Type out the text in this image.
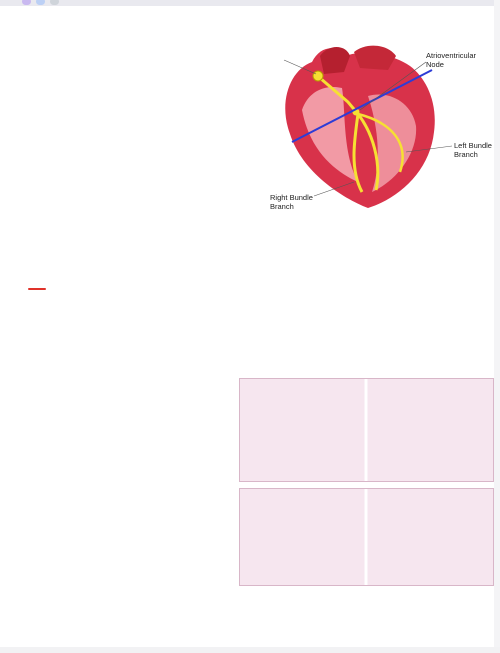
Atrioventricular
Node
Left Bundle
Branch
Right Bundle
Branch
